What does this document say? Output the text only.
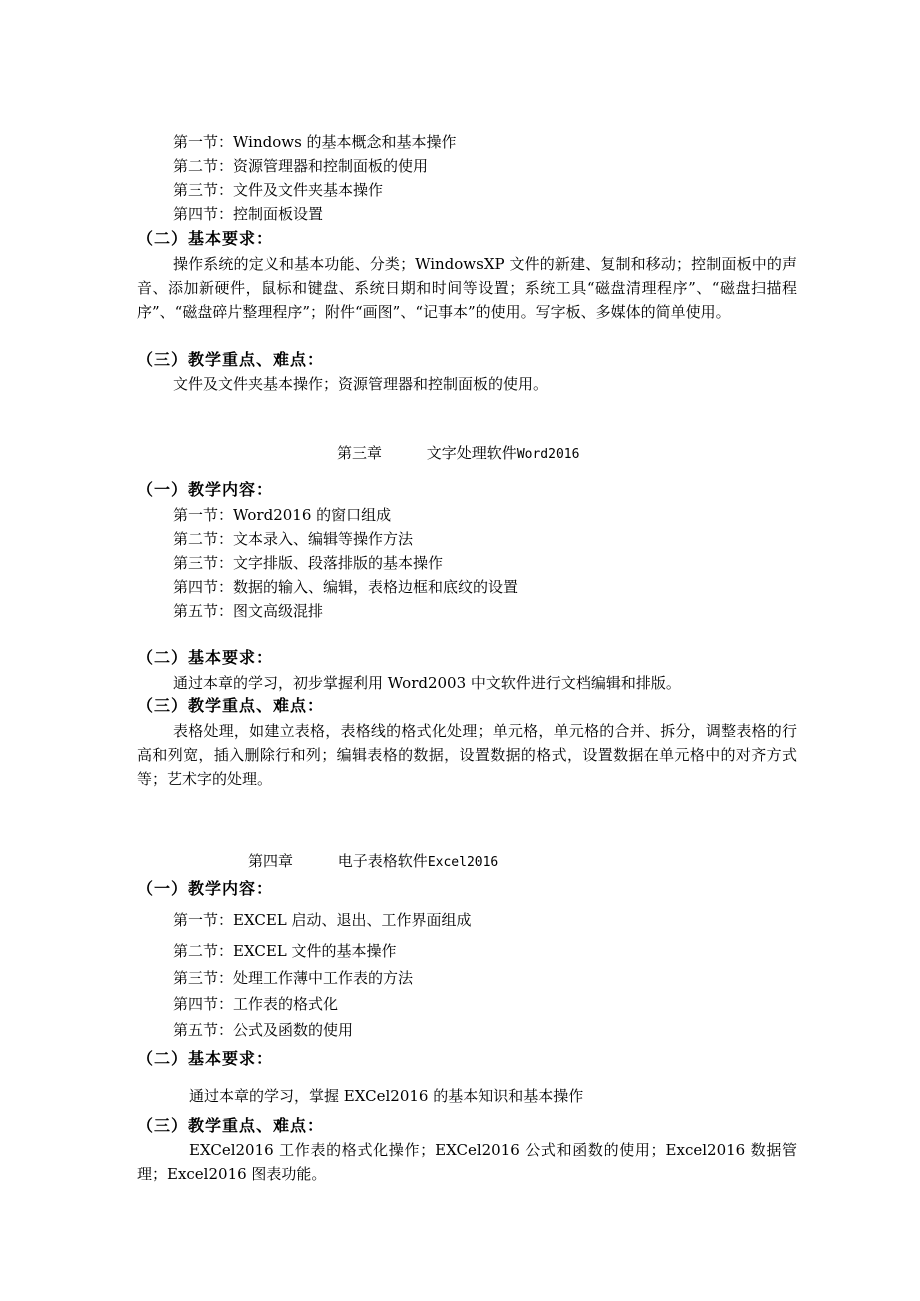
第一节：Windows 的基本概念和基本操作
第二节：资源管理器和控制面板的使用
第三节：文件及文件夹基本操作
第四节：控制面板设置
（二）基本要求：
操作系统的定义和基本功能、分类；WindowsXP 文件的新建、复制和移动；控制面板中的声音、添加新硬件，鼠标和键盘、系统日期和时间等设置；系统工具“磁盘清理程序”、“磁盘扫描程序”、“磁盘碎片整理程序”；附件“画图”、“记事本”的使用。写字板、多媒体的简单使用。
（三）教学重点、难点：
文件及文件夹基本操作；资源管理器和控制面板的使用。
第三章	文字处理软件Word2016
（一）教学内容：
第一节：Word2016 的窗口组成
第二节：文本录入、编辑等操作方法
第三节：文字排版、段落排版的基本操作
第四节：数据的输入、编辑，表格边框和底纹的设置
第五节：图文高级混排
（二）基本要求：
通过本章的学习，初步掌握利用 Word2003 中文软件进行文档编辑和排版。
（三）教学重点、难点：
表格处理，如建立表格，表格线的格式化处理；单元格，单元格的合并、拆分，调整表格的行高和列宽，插入删除行和列；编辑表格的数据，设置数据的格式，设置数据在单元格中的对齐方式等；艺术字的处理。
第四章	电子表格软件Excel2016
（一）教学内容：
第一节：EXCEL 启动、退出、工作界面组成
第二节：EXCEL 文件的基本操作
第三节：处理工作薄中工作表的方法
第四节：工作表的格式化
第五节：公式及函数的使用
（二）基本要求：
通过本章的学习，掌握 EXCel2016 的基本知识和基本操作
（三）教学重点、难点：
EXCel2016 工作表的格式化操作；EXCel2016 公式和函数的使用；Excel2016 数据管理；Excel2016 图表功能。
